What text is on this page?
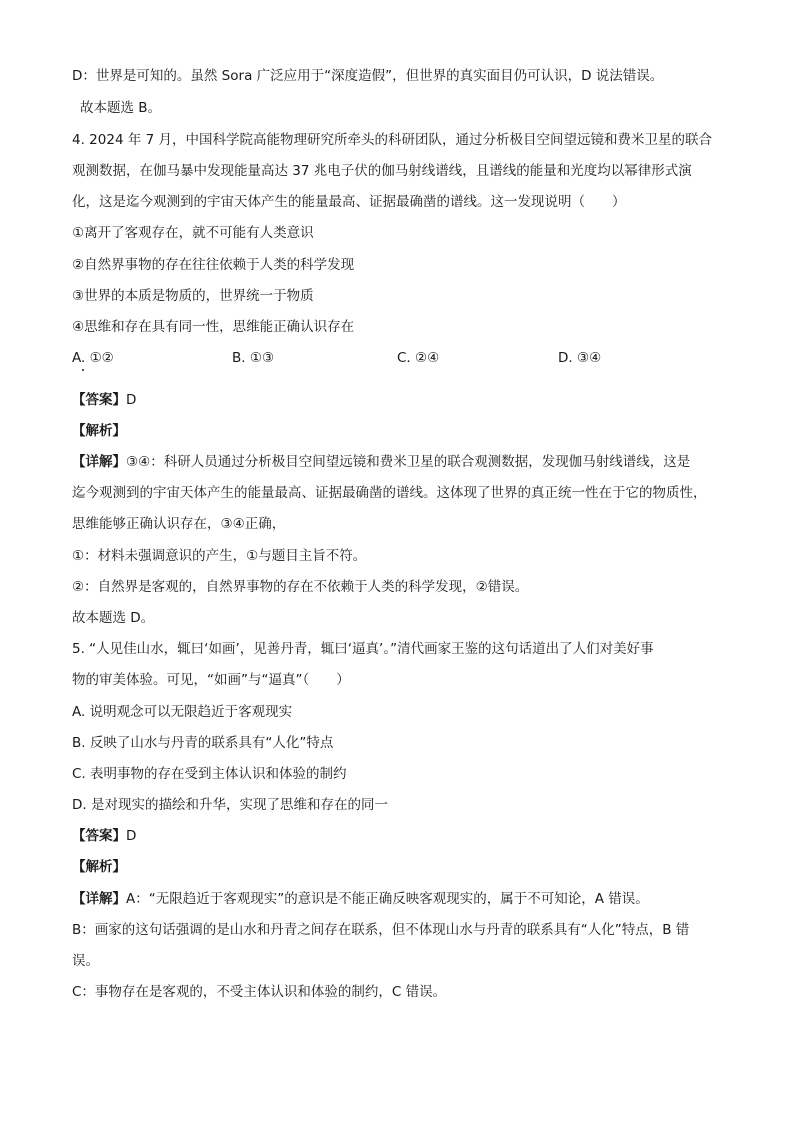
D：世界是可知的。虽然 Sora 广泛应用于“深度造假”，但世界的真实面目仍可认识，D 说法错误。
故本题选 B。
4. 2024 年 7 月，中国科学院高能物理研究所牵头的科研团队，通过分析极目空间望远镜和费米卫星的联合
观测数据，在伽马暴中发现能量高达 37 兆电子伏的伽马射线谱线，且谱线的能量和光度均以幂律形式演
化，这是迄今观测到的宇宙天体产生的能量最高、证据最确凿的谱线。这一发现说明（　　）
①离开了客观存在，就不可能有人类意识
②自然界事物的存在往往依赖于人类的科学发现
③世界的本质是物质的，世界统一于物质
④思维和存在具有同一性，思维能正确认识存在
A. ①②	B. ①③	C. ②④	D. ③④
【答案】D
【解析】
【详解】③④：科研人员通过分析极目空间望远镜和费米卫星的联合观测数据，发现伽马射线谱线，这是
迄今观测到的宇宙天体产生的能量最高、证据最确凿的谱线。这体现了世界的真正统一性在于它的物质性，
思维能够正确认识存在，③④正确，
①：材料未强调意识的产生，①与题目主旨不符。
②：自然界是客观的，自然界事物的存在不依赖于人类的科学发现，②错误。
故本题选 D。
5. “人见佳山水，辄曰‘如画’，见善丹青，辄曰‘逼真’。”清代画家王鉴的这句话道出了人们对美好事
物的审美体验。可见，“如画”与“逼真”（　　）
A. 说明观念可以无限趋近于客观现实
B. 反映了山水与丹青的联系具有“人化”特点
C. 表明事物的存在受到主体认识和体验的制约
D. 是对现实的描绘和升华，实现了思维和存在的同一
【答案】D
【解析】
【详解】A：“无限趋近于客观现实”的意识是不能正确反映客观现实的，属于不可知论，A 错误。
B：画家的这句话强调的是山水和丹青之间存在联系，但不体现山水与丹青的联系具有“人化”特点，B 错
误。
C：事物存在是客观的，不受主体认识和体验的制约，C 错误。
